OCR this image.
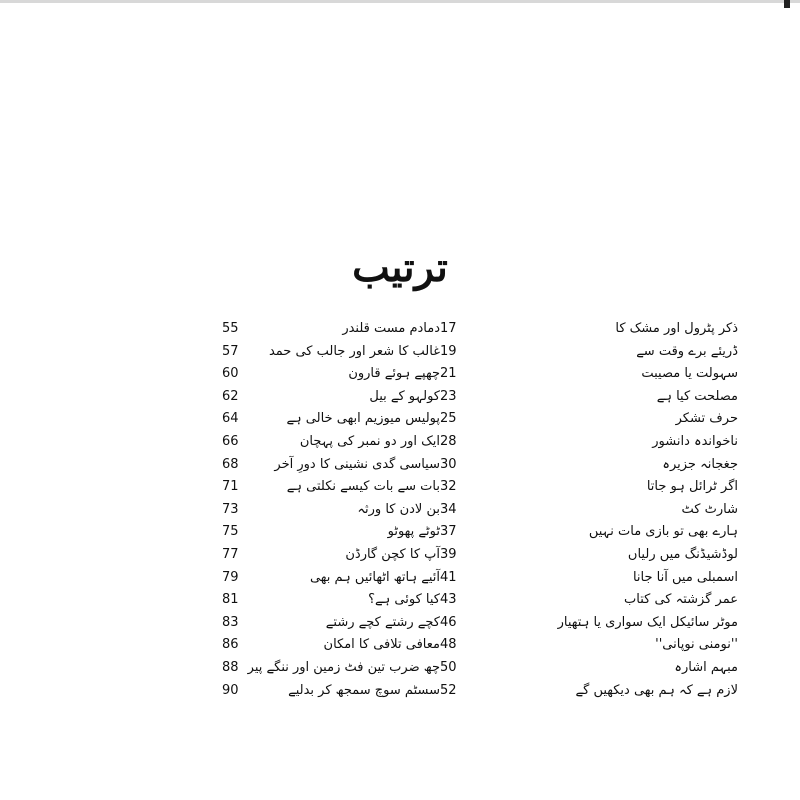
ترتیب
17	ذکر پٹرول اور مشک کا
19	ڈریئے برے وقت سے
21	سہولت یا مصیبت
23	مصلحت کیا ہے
25	حرف تشکر
28	ناخواندہ دانشور
30	جغجانہ جزیرہ
32	اگر ٹرائل ہو جاتا
34	شارٹ کٹ
37	ہارے بھی تو بازی مات نہیں
39	لوڈشیڈنگ میں رلیاں
41	اسمبلی میں آنا جانا
43	عمر گزشتہ کی کتاب
46	موٹر سائیکل ایک سواری یا ہتھیار
48	''نومنی نوپانی''
50	مبہم اشارہ
52	لازم ہے کہ ہم بھی دیکھیں گے
55	دمادم مست قلندر
57	غالب کا شعر اور جالب کی حمد
60	چھپے ہوئے قارون
62	کولہو کے بیل
64	پولیس میوزیم ابھی خالی ہے
66	ایک اور دو نمبر کی پہچان
68	سیاسی گدی نشینی کا دورِ آخر
71	بات سے بات کیسے نکلتی ہے
73	بن لادن کا ورثہ
75	ٹوٹے پھوٹو
77	آپ کا کچن گارڈن
79	آئیے ہاتھ اٹھائیں ہم بھی
81	کیا کوئی ہے؟
83	کچے رشتے کچے رشتے
86	معافی تلافی کا امکان
88 چھ ضرب تین فٹ زمین اور ننگے پیر
90	سسٹم سوچ سمجھ کر بدلیے
